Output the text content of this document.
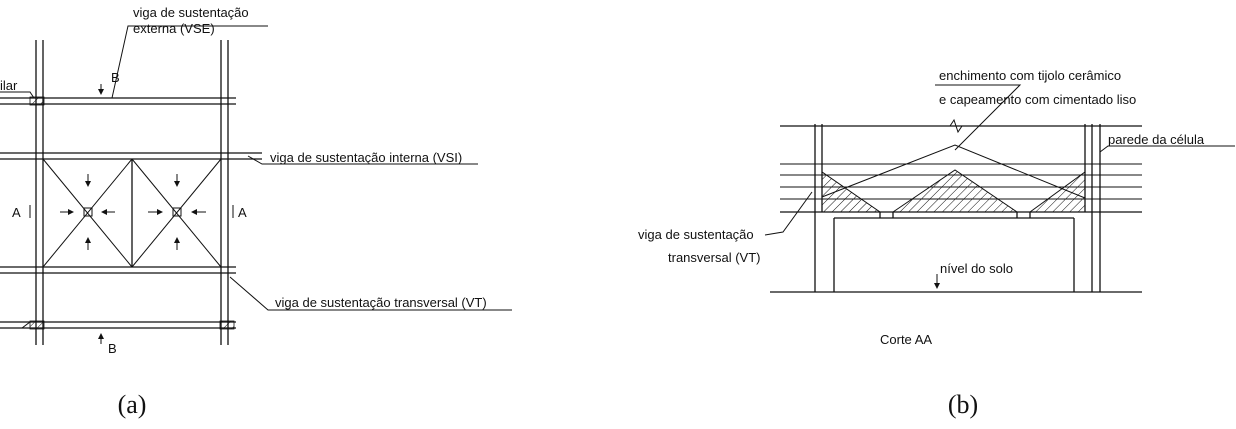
B
B
A	A
viga de sustentação
externa (VSE)
ilar
viga de sustentação interna (VSI)
viga de sustentação transversal (VT)
(a)
enchimento com tijolo cerâmico
e capeamento com cimentado liso
parede da célula
viga de sustentação
transversal (VT)
nível do solo
Corte AA
(b)
